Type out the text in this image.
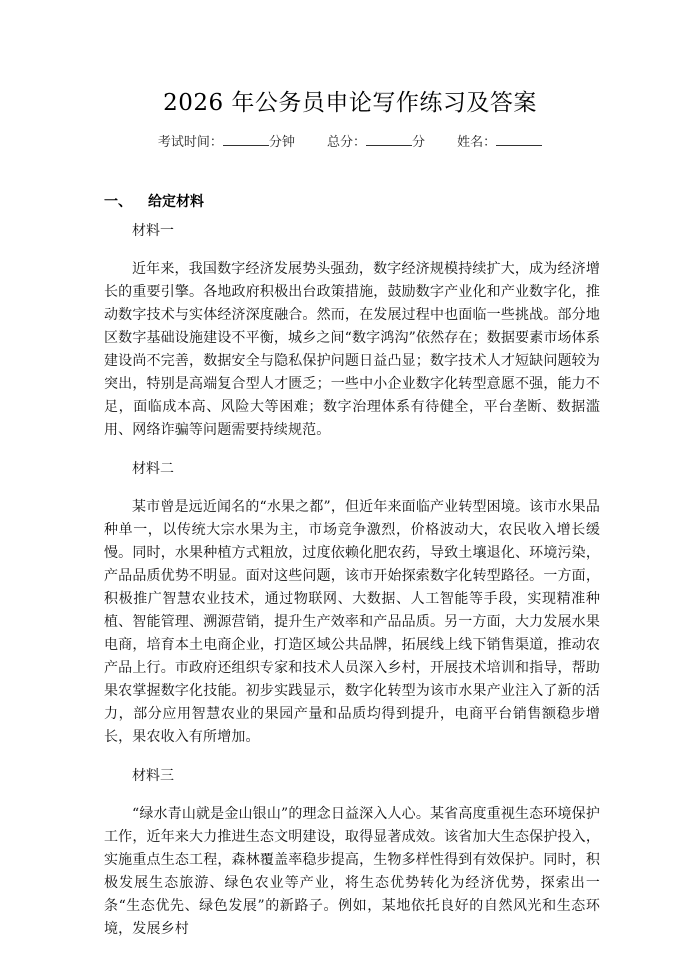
2026 年公务员申论写作练习及答案
考试时间：	分钟 总分：	分 姓名：
一、 给定材料
材料一

近年来，我国数字经济发展势头强劲，数字经济规模持续扩大，成为经济增长的重要引擎。各地政府积极出台政策措施，鼓励数字产业化和产业数字化，推动数字技术与实体经济深度融合。然而，在发展过程中也面临一些挑战。部分地区数字基础设施建设不平衡，城乡之间“数字鸿沟”依然存在；数据要素市场体系建设尚不完善，数据安全与隐私保护问题日益凸显；数字技术人才短缺问题较为突出，特别是高端复合型人才匮乏；一些中小企业数字化转型意愿不强，能力不足，面临成本高、风险大等困难；数字治理体系有待健全，平台垄断、数据滥用、网络诈骗等问题需要持续规范。

材料二

某市曾是远近闻名的“水果之都”，但近年来面临产业转型困境。该市水果品种单一，以传统大宗水果为主，市场竞争激烈，价格波动大，农民收入增长缓慢。同时，水果种植方式粗放，过度依赖化肥农药，导致土壤退化、环境污染，产品品质优势不明显。面对这些问题，该市开始探索数字化转型路径。一方面，积极推广智慧农业技术，通过物联网、大数据、人工智能等手段，实现精准种植、智能管理、溯源营销，提升生产效率和产品品质。另一方面，大力发展水果电商，培育本土电商企业，打造区域公共品牌，拓展线上线下销售渠道，推动农产品上行。市政府还组织专家和技术人员深入乡村，开展技术培训和指导，帮助果农掌握数字化技能。初步实践显示，数字化转型为该市水果产业注入了新的活力，部分应用智慧农业的果园产量和品质均得到提升，电商平台销售额稳步增长，果农收入有所增加。

材料三

“绿水青山就是金山银山”的理念日益深入人心。某省高度重视生态环境保护工作，近年来大力推进生态文明建设，取得显著成效。该省加大生态保护投入，实施重点生态工程，森林覆盖率稳步提高，生物多样性得到有效保护。同时，积极发展生态旅游、绿色农业等产业，将生态优势转化为经济优势，探索出一条“生态优先、绿色发展”的新路子。例如，某地依托良好的自然风光和生态环境，发展乡村
